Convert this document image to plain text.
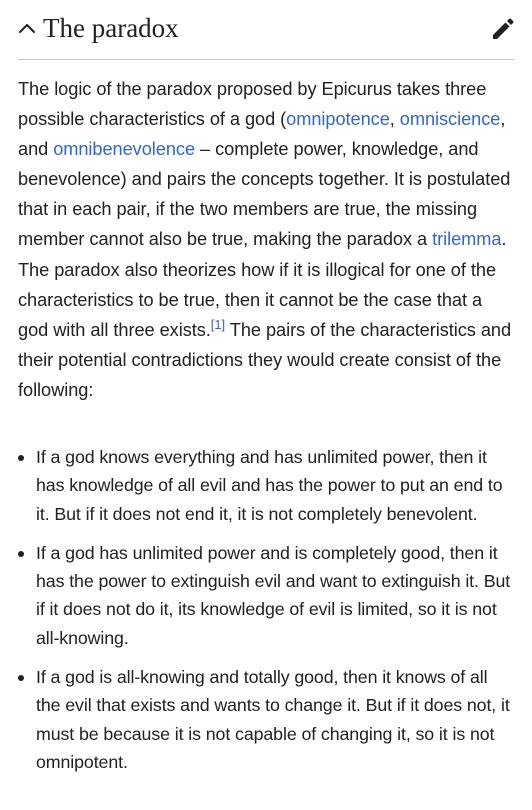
The paradox

The logic of the paradox proposed by Epicurus takes three possible characteristics of a god (omnipotence, omniscience, and omnibenevolence – complete power, knowledge, and benevolence) and pairs the concepts together. It is postulated that in each pair, if the two members are true, the missing member cannot also be true, making the paradox a trilemma. The paradox also theorizes how if it is illogical for one of the characteristics to be true, then it cannot be the case that a god with all three exists.[1] The pairs of the characteristics and their potential contradictions they would create consist of the following:

If a god knows everything and has unlimited power, then it has knowledge of all evil and has the power to put an end to it. But if it does not end it, it is not completely benevolent.
If a god has unlimited power and is completely good, then it has the power to extinguish evil and want to extinguish it. But if it does not do it, its knowledge of evil is limited, so it is not all-knowing.
If a god is all-knowing and totally good, then it knows of all the evil that exists and wants to change it. But if it does not, it must be because it is not capable of changing it, so it is not omnipotent.
